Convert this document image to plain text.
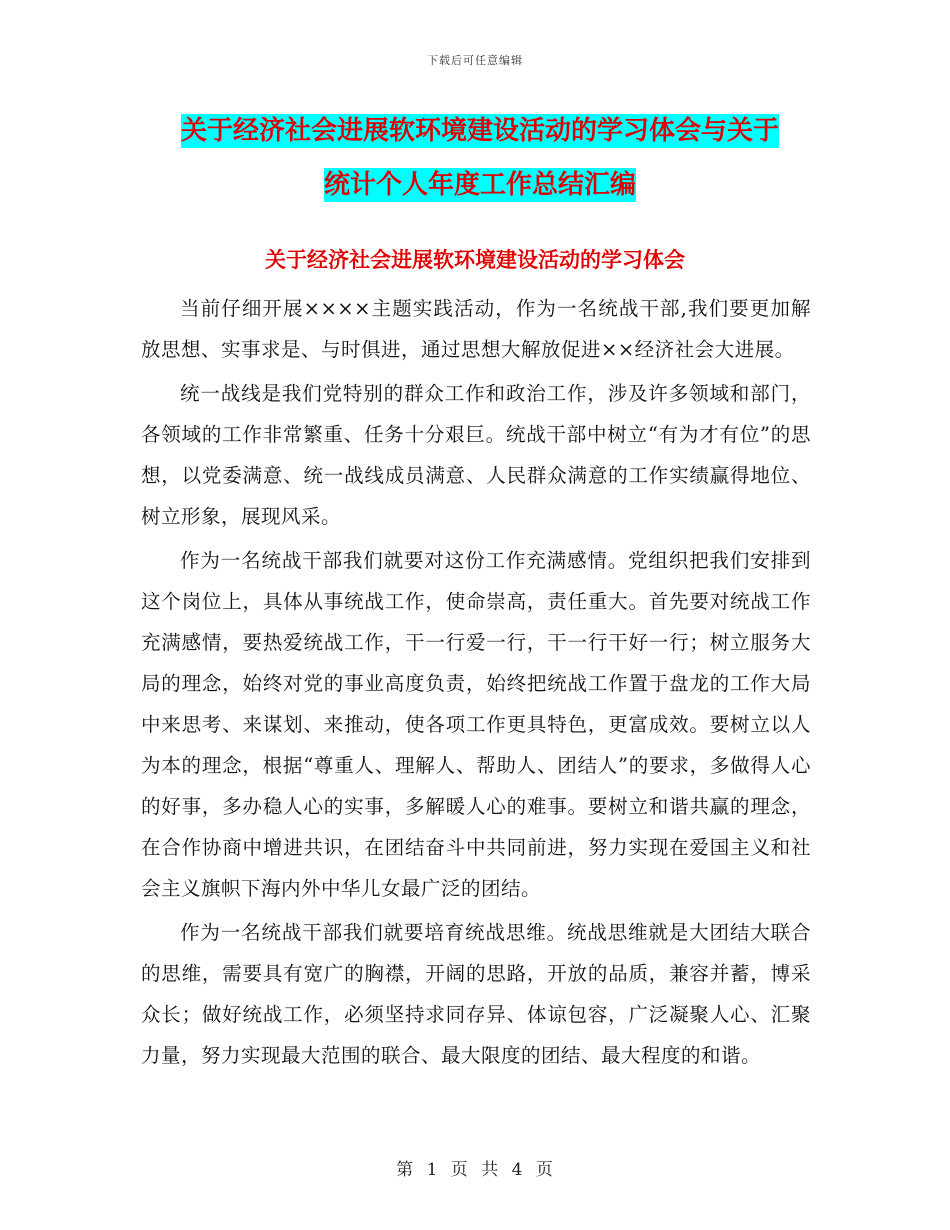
下载后可任意编辑
关于经济社会进展软环境建设活动的学习体会与关于
统计个人年度工作总结汇编
关于经济社会进展软环境建设活动的学习体会

当前仔细开展××××主题实践活动，作为一名统战干部,我们要更加解放思想、实事求是、与时俱进，通过思想大解放促进××经济社会大进展。

统一战线是我们党特别的群众工作和政治工作，涉及许多领域和部门，各领域的工作非常繁重、任务十分艰巨。统战干部中树立“有为才有位”的思想，以党委满意、统一战线成员满意、人民群众满意的工作实绩赢得地位、树立形象，展现风采。

作为一名统战干部我们就要对这份工作充满感情。党组织把我们安排到这个岗位上，具体从事统战工作，使命崇高，责任重大。首先要对统战工作充满感情，要热爱统战工作，干一行爱一行，干一行干好一行；树立服务大局的理念，始终对党的事业高度负责，始终把统战工作置于盘龙的工作大局中来思考、来谋划、来推动，使各项工作更具特色，更富成效。要树立以人为本的理念，根据“尊重人、理解人、帮助人、团结人”的要求，多做得人心的好事，多办稳人心的实事，多解暖人心的难事。要树立和谐共赢的理念，在合作协商中增进共识，在团结奋斗中共同前进，努力实现在爱国主义和社会主义旗帜下海内外中华儿女最广泛的团结。

作为一名统战干部我们就要培育统战思维。统战思维就是大团结大联合的思维，需要具有宽广的胸襟，开阔的思路，开放的品质，兼容并蓄，博采众长；做好统战工作，必须坚持求同存异、体谅包容，广泛凝聚人心、汇聚力量，努力实现最大范围的联合、最大限度的团结、最大程度的和谐。

第 1 页 共 4 页
